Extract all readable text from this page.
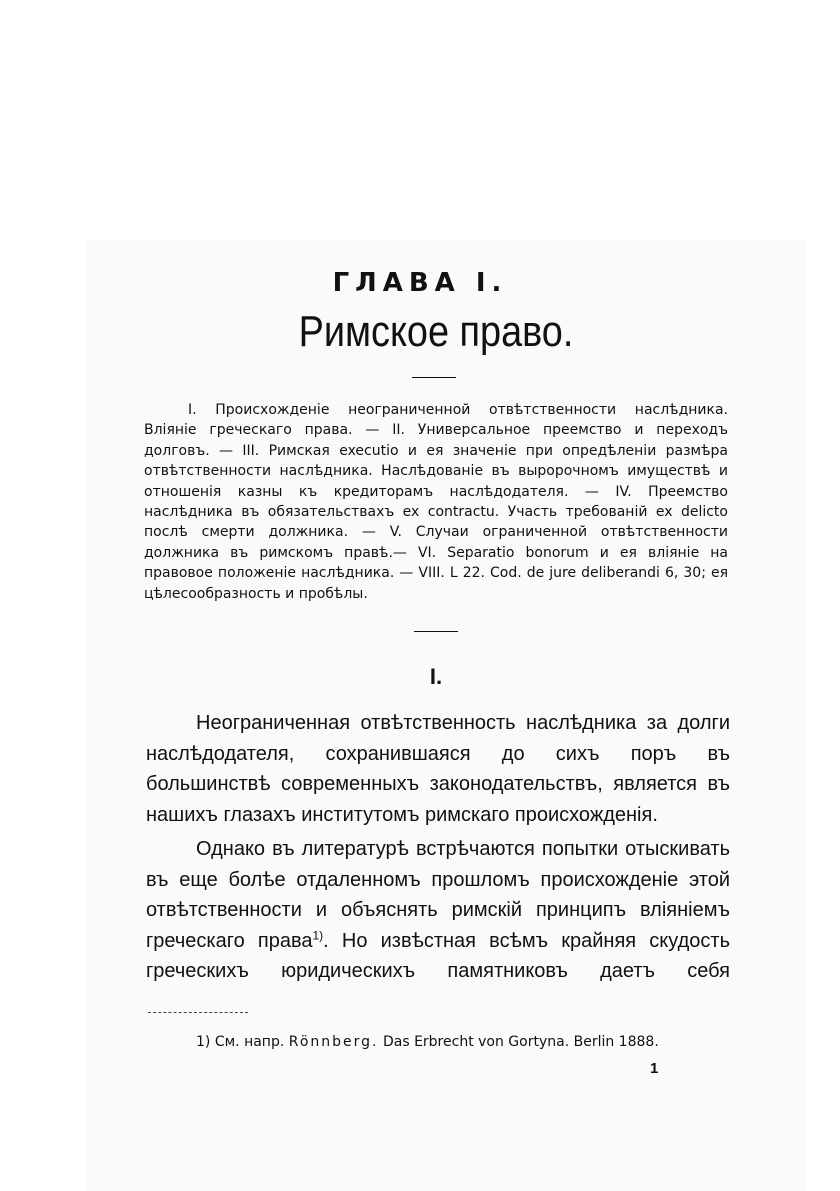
ГЛАВА I.
Римское право.

I. Происхожденіе неограниченной отвѣтственности наслѣдника. Вліяніе греческаго права. — II. Универсальное преемство и переходъ долговъ. — III. Римская executio и ея значеніе при опредѣленіи размѣра отвѣтственности наслѣдника. Наслѣдованіе въ выророчномъ имуществѣ и отношенія казны къ кредиторамъ наслѣдодателя. — IV. Преемство наслѣдника въ обязательствахъ ex contractu. Участь требованій ex delicto послѣ смерти должника. — V. Случаи ограниченной отвѣтственности должника въ римскомъ правѣ.— VI. Separatio bonorum и ея вліяніе на правовое положеніе наслѣдника. — VIII. L 22. Cod. de jure deliberandi 6, 30; ея цѣлесообразность и пробѣлы.

I.

Неограниченная отвѣтственность наслѣдника за долги наслѣдодателя, сохранившаяся до сихъ поръ въ большинствѣ современныхъ законодательствъ, является въ нашихъ глазахъ институтомъ римскаго происхожденія.

Однако въ литературѣ встрѣчаются попытки отыскивать въ еще болѣе отдаленномъ прошломъ происхожденіе этой отвѣтственности и объяснять римскій принципъ вліяніемъ греческаго права$^{1)}$. Но извѣстная всѣмъ крайняя скудость греческихъ юридическихъ памятниковъ даетъ себя

1) См. напр. Rönnberg. Das Erbrecht von Gortyna. Berlin 1888.
1
